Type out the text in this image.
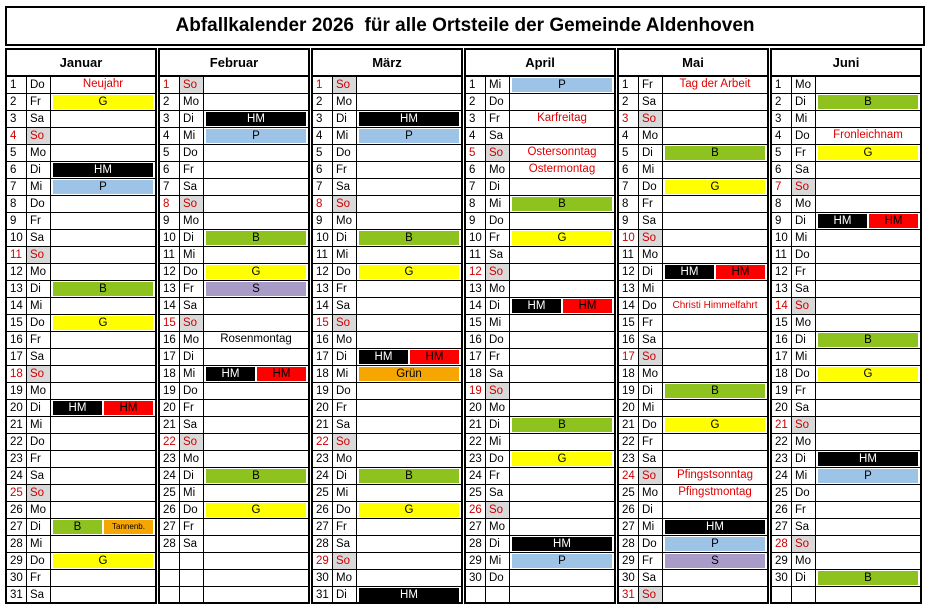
Abfallkalender 2026  für alle Ortsteile der Gemeinde Aldenhoven
Januar
1	Do	Neujahr
2	Fr	G
3	Sa
4	So
5	Mo
6	Di	HM
7	Mi	P
8	Do
9	Fr
10 Sa
11 So
12 Mo
13 Di	B
14 Mi
15 Do	G
16 Fr
17 Sa
18 So
19 Mo
20 Di	HM	HM
21 Mi
22 Do
23 Fr
24 Sa
25 So
26 Mo
27 Di	B	Tannenb.
28 Mi
29 Do	G
30 Fr
31 Sa
Februar
1	So
2	Mo
3	Di	HM
4	Mi	P
5	Do
6	Fr
7	Sa
8	So
9	Mo
10 Di	B
11 Mi
12 Do	G
13 Fr	S
14 Sa
15 So
16 Mo	Rosenmontag
17 Di
18 Mi	HM	HM
19 Do
20 Fr
21 Sa
22 So
23 Mo
24 Di	B
25 Mi
26 Do	G
27 Fr
28 Sa
März
1	So
2	Mo
3	Di	HM
4	Mi	P
5	Do
6	Fr
7	Sa
8	So
9	Mo
10 Di	B
11 Mi
12 Do	G
13 Fr
14 Sa
15 So
16 Mo
17 Di	HM	HM
18 Mi	Grün
19 Do
20 Fr
21 Sa
22 So
23 Mo
24 Di	B
25 Mi
26 Do	G
27 Fr
28 Sa
29 So
30 Mo
31 Di	HM
April
1	Mi	P
2	Do
3	Fr	Karfreitag
4	Sa
5	So	Ostersonntag
6	Mo	Ostermontag
7	Di
8	Mi	B
9	Do
10 Fr	G
11 Sa
12 So
13 Mo
14 Di	HM	HM
15 Mi
16 Do
17 Fr
18 Sa
19 So
20 Mo
21 Di	B
22 Mi
23 Do	G
24 Fr
25 Sa
26 So
27 Mo
28 Di	HM
29 Mi	P
30 Do
Mai
1	Fr	Tag der Arbeit
2	Sa
3	So
4	Mo
5	Di	B
6	Mi
7	Do	G
8	Fr
9	Sa
10 So
11 Mo
12 Di	HM	HM
13 Mi
14 Do	Christi Himmelfahrt
15 Fr
16 Sa
17 So
18 Mo
19 Di	B
20 Mi
21 Do	G
22 Fr
23 Sa
24 So	Pfingstsonntag
25 Mo	Pfingstmontag
26 Di
27 Mi	HM
28 Do	P
29 Fr	S
30 Sa
31 So
Juni
1	Mo
2	Di	B
3	Mi
4	Do	Fronleichnam
5	Fr	G
6	Sa
7	So
8	Mo
9	Di	HM	HM
10 Mi
11 Do
12 Fr
13 Sa
14 So
15 Mo
16 Di	B
17 Mi
18 Do	G
19 Fr
20 Sa
21 So
22 Mo
23 Di	HM
24 Mi	P
25 Do
26 Fr
27 Sa
28 So
29 Mo
30 Di	B
